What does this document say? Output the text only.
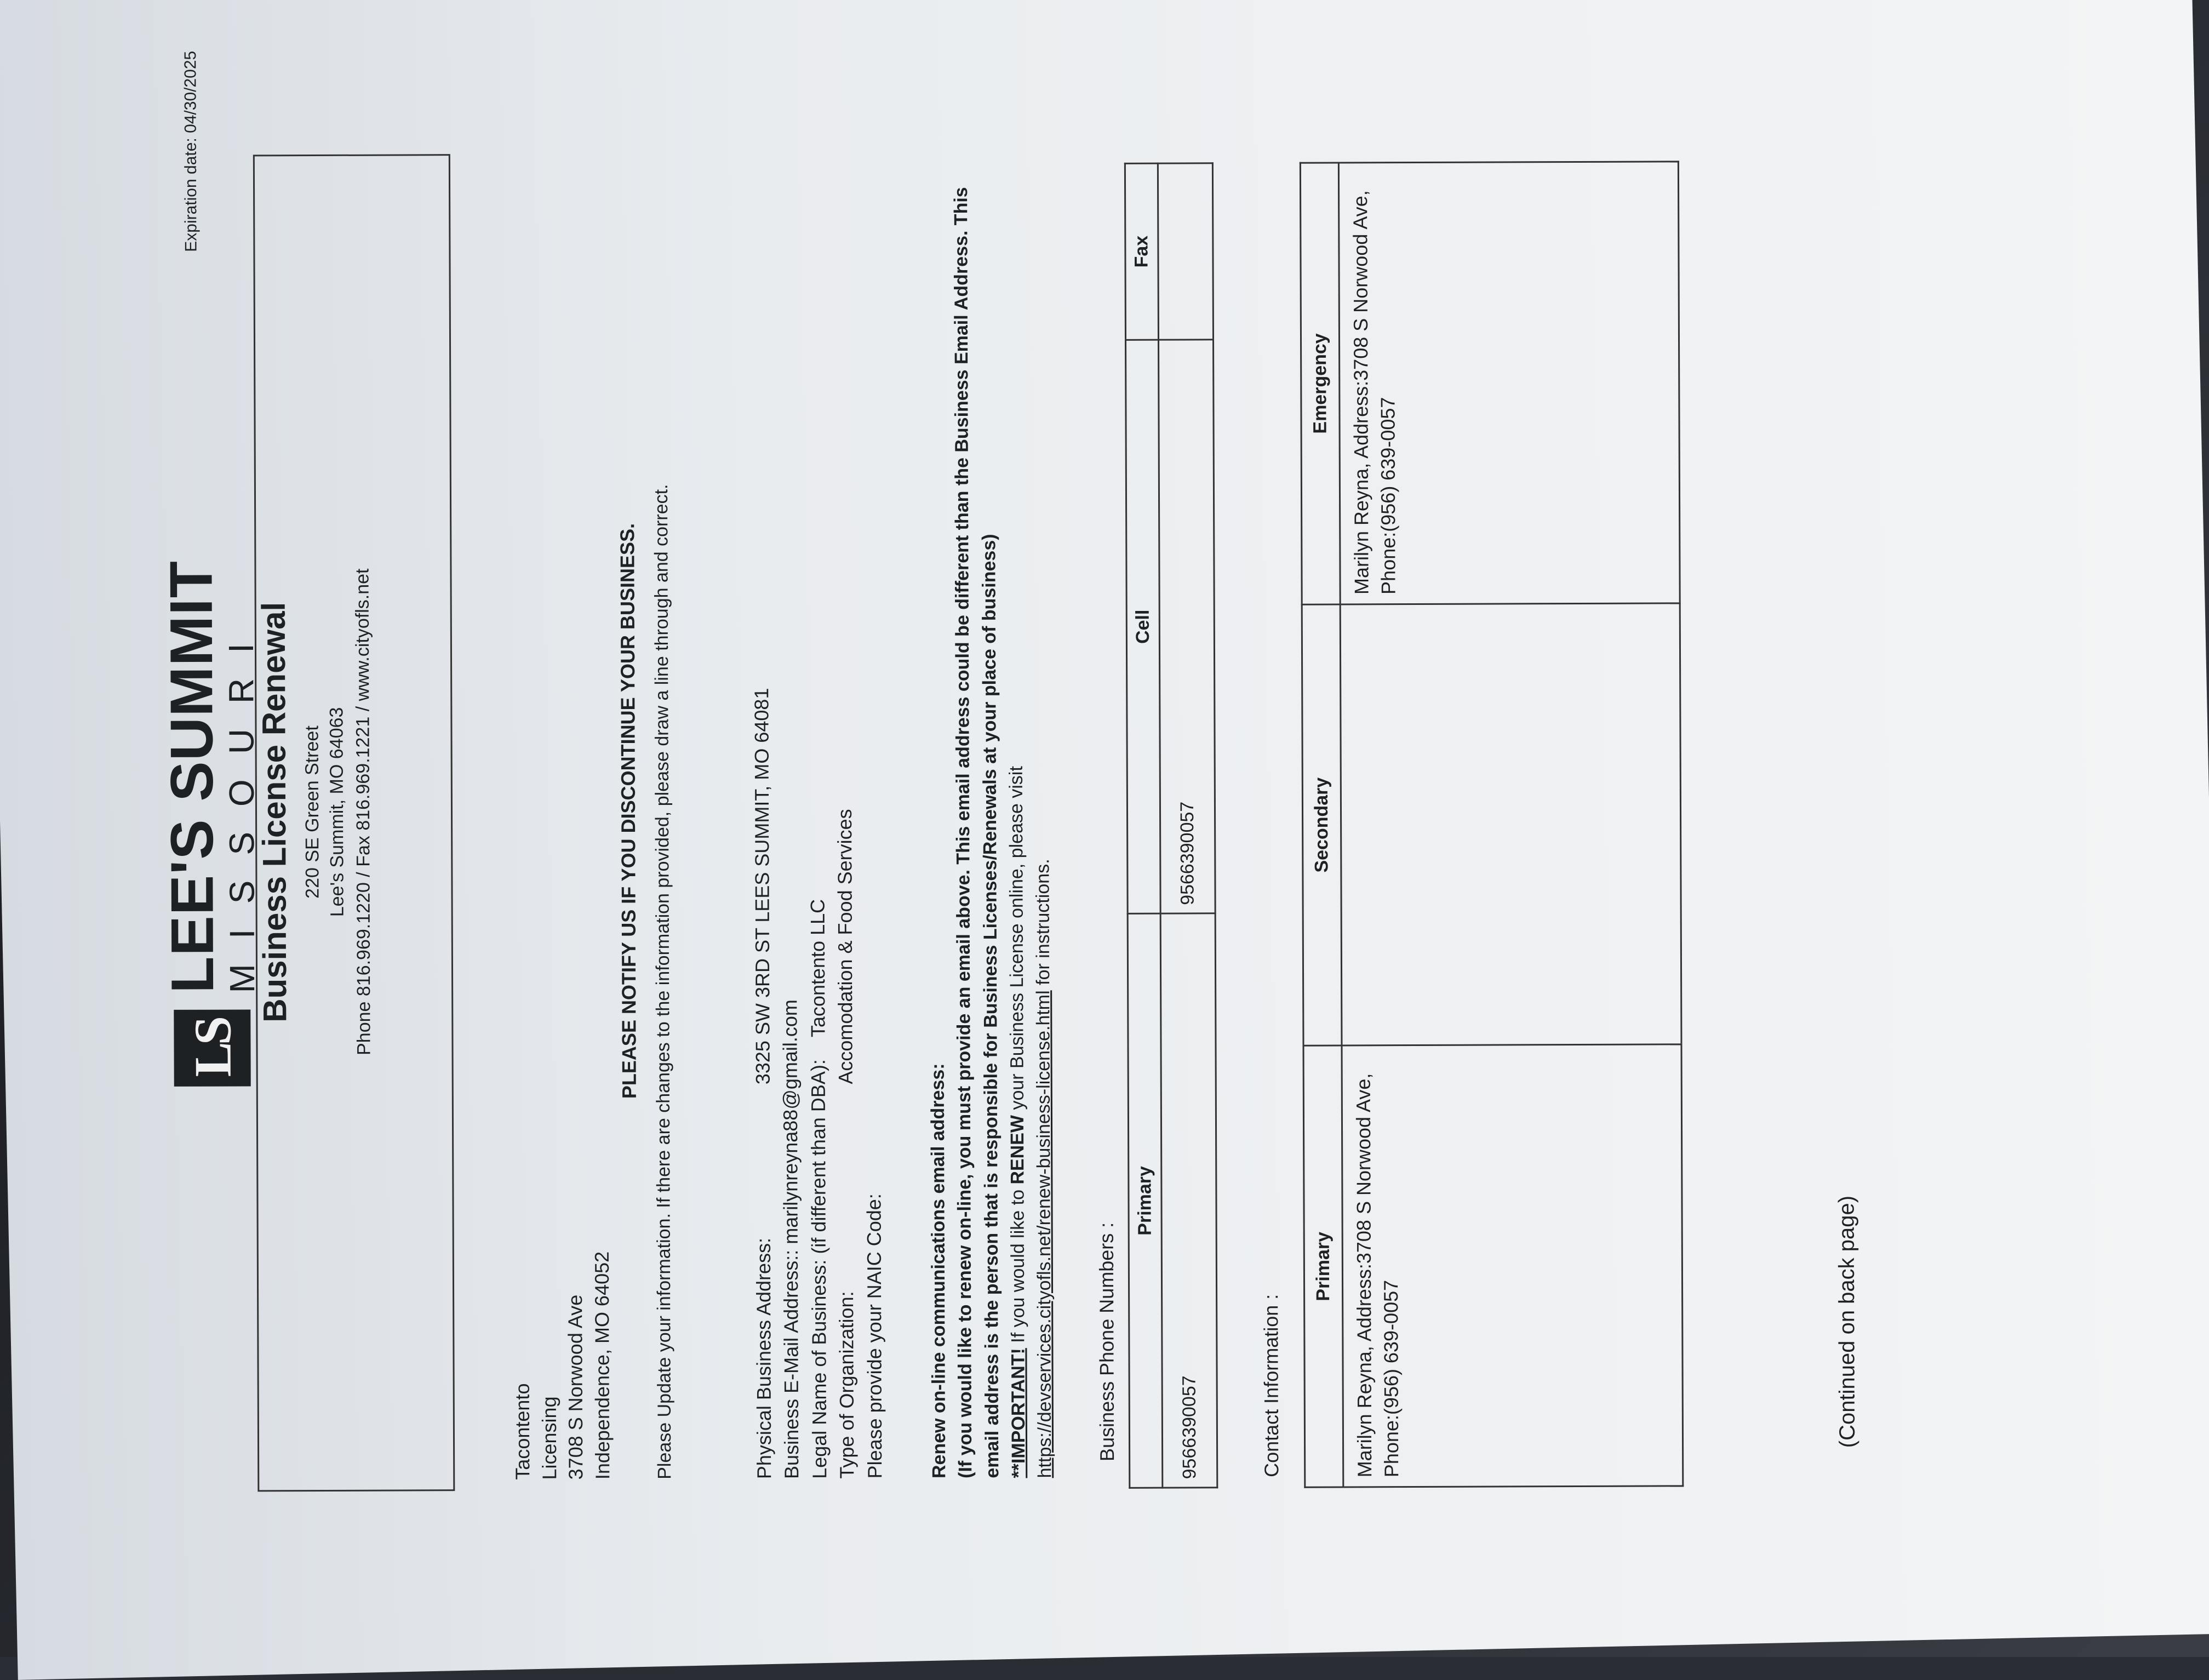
Expiration date: 04/30/2025
LS
LEE'S SUMMIT
MISSOURI
Business License Renewal 220 SE Green Street Lee's Summit, MO 64063 Phone 816.969.1220 / Fax 816.969.1221 / www.cityofls.net
Tacontento Licensing 3708 S Norwood Ave Independence, MO 64052
PLEASE NOTIFY US IF YOU DISCONTINUE YOUR BUSINESS. Please Update your information. If there are changes to the information provided, please draw a line through and correct.	Physical Business Address:
3325 SW 3RD ST LEES SUMMIT, MO 64081
Business E-Mail Address::
marilynreyna88@gmail.com Legal Name of Business: (if different than DBA):
Tacontento LLC
Type of Organization:
Accomodation & Food Services
Please provide your NAIC Code:	Renew on-line communications email address: (If you would like to renew on-line, you must provide an email above. This email address could be different than the Business Email Address. This email address is the person that is responsible for Business Licenses/Renewals at your place of business) **IMPORTANT! If you would like to RENEW your Business License online, please visit
https://devservices.cityofls.net/renew-business-license.html for instructions.
Business Phone Numbers :
Primary	Cell	Fax
9566390057	9566390057	
Contact Information :
Primary	Secondary	Emergency
Marilyn Reyna, Address:3708 S Norwood Ave, Phone:(956) 639-0057		Marilyn Reyna, Address:3708 S Norwood Ave, Phone:(956) 639-0057
(Continued on back page)
